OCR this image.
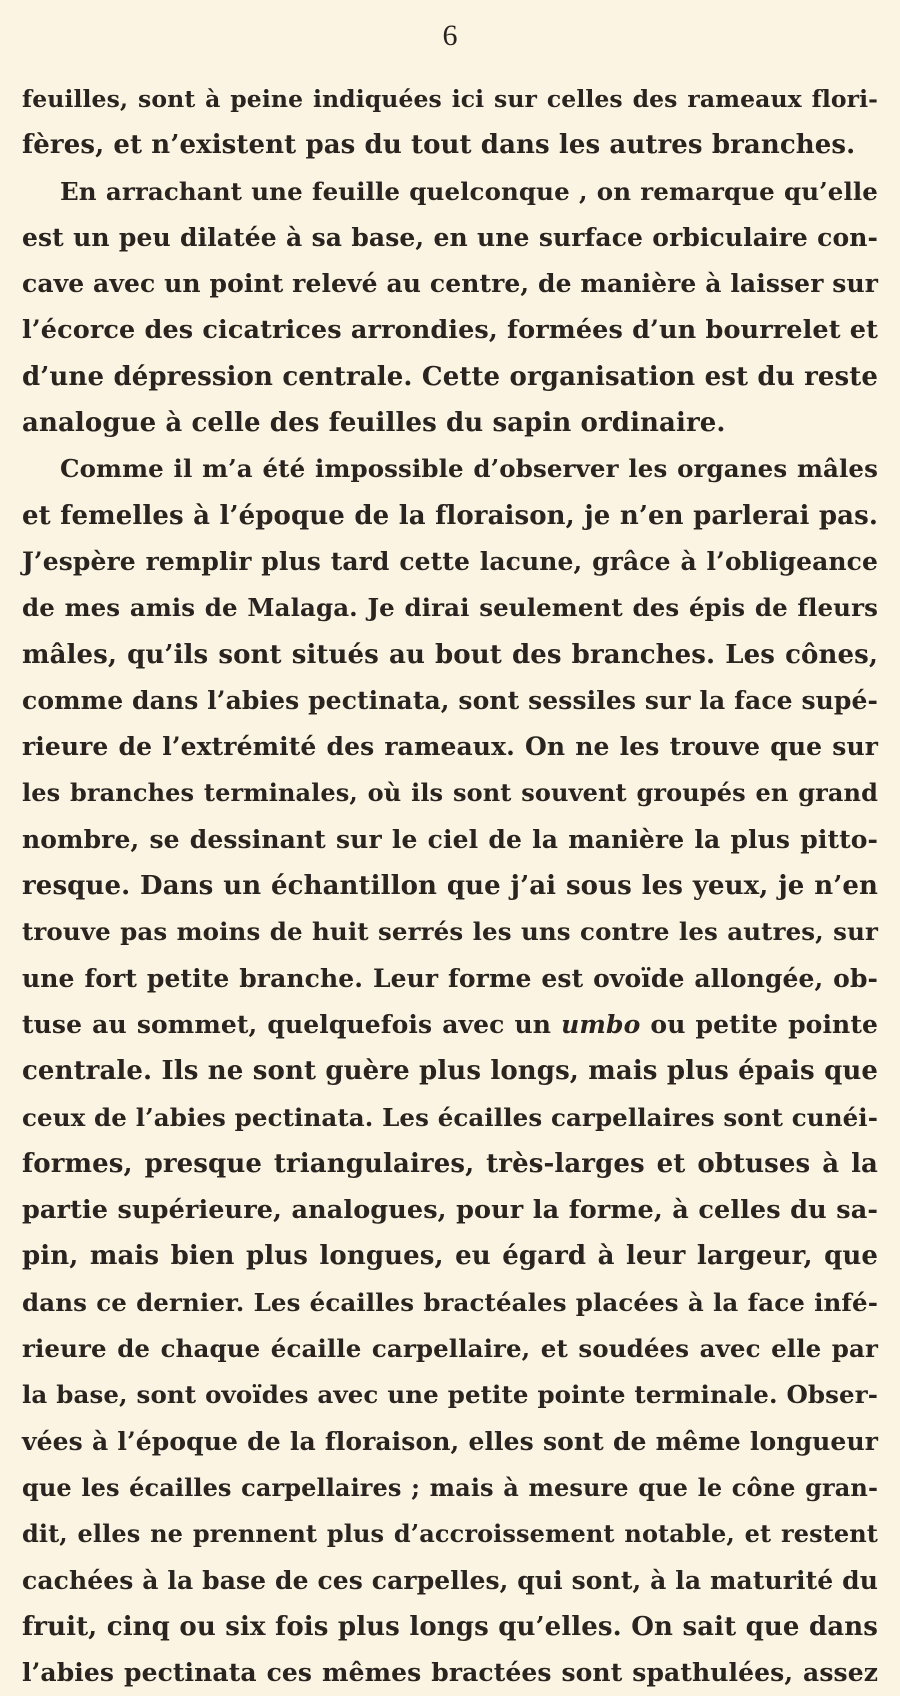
6
feuilles, sont à peine indiquées ici sur celles des rameaux flori-
fères, et n’existent pas du tout dans les autres branches.
En arrachant une feuille quelconque , on remarque qu’elle
est un peu dilatée à sa base, en une surface orbiculaire con-
cave avec un point relevé au centre, de manière à laisser sur
l’écorce des cicatrices arrondies, formées d’un bourrelet et
d’une dépression centrale. Cette organisation est du reste
analogue à celle des feuilles du sapin ordinaire.
Comme il m’a été impossible d’observer les organes mâles
et femelles à l’époque de la floraison, je n’en parlerai pas.
J’espère remplir plus tard cette lacune, grâce à l’obligeance
de mes amis de Malaga. Je dirai seulement des épis de fleurs
mâles, qu’ils sont situés au bout des branches. Les cônes,
comme dans l’abies pectinata, sont sessiles sur la face supé-
rieure de l’extrémité des rameaux. On ne les trouve que sur
les branches terminales, où ils sont souvent groupés en grand
nombre, se dessinant sur le ciel de la manière la plus pitto-
resque. Dans un échantillon que j’ai sous les yeux, je n’en
trouve pas moins de huit serrés les uns contre les autres, sur
une fort petite branche. Leur forme est ovoïde allongée, ob-
tuse au sommet, quelquefois avec un umbo ou petite pointe
centrale. Ils ne sont guère plus longs, mais plus épais que
ceux de l’abies pectinata. Les écailles carpellaires sont cunéi-
formes, presque triangulaires, très-larges et obtuses à la
partie supérieure, analogues, pour la forme, à celles du sa-
pin, mais bien plus longues, eu égard à leur largeur, que
dans ce dernier. Les écailles bractéales placées à la face infé-
rieure de chaque écaille carpellaire, et soudées avec elle par
la base, sont ovoïdes avec une petite pointe terminale. Obser-
vées à l’époque de la floraison, elles sont de même longueur
que les écailles carpellaires ; mais à mesure que le cône gran-
dit, elles ne prennent plus d’accroissement notable, et restent
cachées à la base de ces carpelles, qui sont, à la maturité du
fruit, cinq ou six fois plus longs qu’elles. On sait que dans
l’abies pectinata ces mêmes bractées sont spathulées, assez
